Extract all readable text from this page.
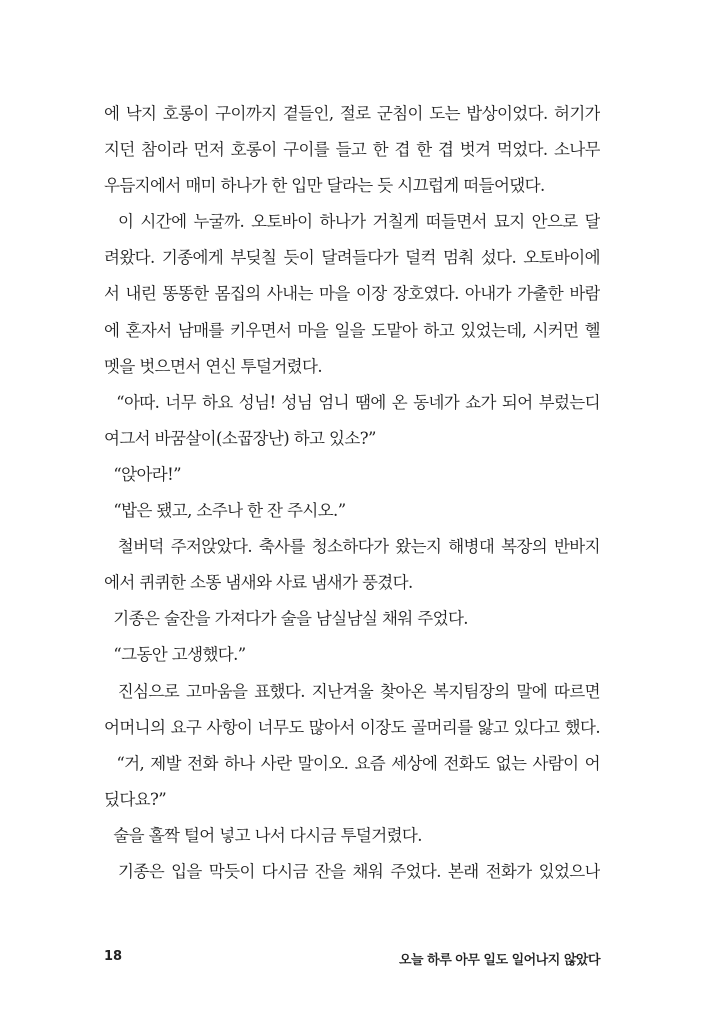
에 낙지 호롱이 구이까지 곁들인, 절로 군침이 도는 밥상이었다. 허기가
지던 참이라 먼저 호롱이 구이를 들고 한 겹 한 겹 벗겨 먹었다. 소나무
우듬지에서 매미 하나가 한 입만 달라는 듯 시끄럽게 떠들어댔다.
이 시간에 누굴까. 오토바이 하나가 거칠게 떠들면서 묘지 안으로 달
려왔다. 기종에게 부딪칠 듯이 달려들다가 덜컥 멈춰 섰다. 오토바이에
서 내린 똥똥한 몸집의 사내는 마을 이장 장호였다. 아내가 가출한 바람
에 혼자서 남매를 키우면서 마을 일을 도맡아 하고 있었는데, 시커먼 헬
멧을 벗으면서 연신 투덜거렸다.
“아따. 너무 하요 성님! 성님 엄니 땜에 온 동네가 쇼가 되어 부렀는디
여그서 바꿈살이(소꿉장난) 하고 있소?”
“앉아라!”
“밥은 됐고, 소주나 한 잔 주시오.”
철버덕 주저앉았다. 축사를 청소하다가 왔는지 해병대 복장의 반바지
에서 퀴퀴한 소똥 냄새와 사료 냄새가 풍겼다.
기종은 술잔을 가져다가 술을 남실남실 채워 주었다.
“그동안 고생했다.”
진심으로 고마움을 표했다. 지난겨울 찾아온 복지팀장의 말에 따르면
어머니의 요구 사항이 너무도 많아서 이장도 골머리를 앓고 있다고 했다.
“거, 제발 전화 하나 사란 말이오. 요즘 세상에 전화도 없는 사람이 어
딨다요?”
술을 홀짝 털어 넣고 나서 다시금 투덜거렸다.
기종은 입을 막듯이 다시금 잔을 채워 주었다. 본래 전화가 있었으나
18	오늘 하루 아무 일도 일어나지 않았다
